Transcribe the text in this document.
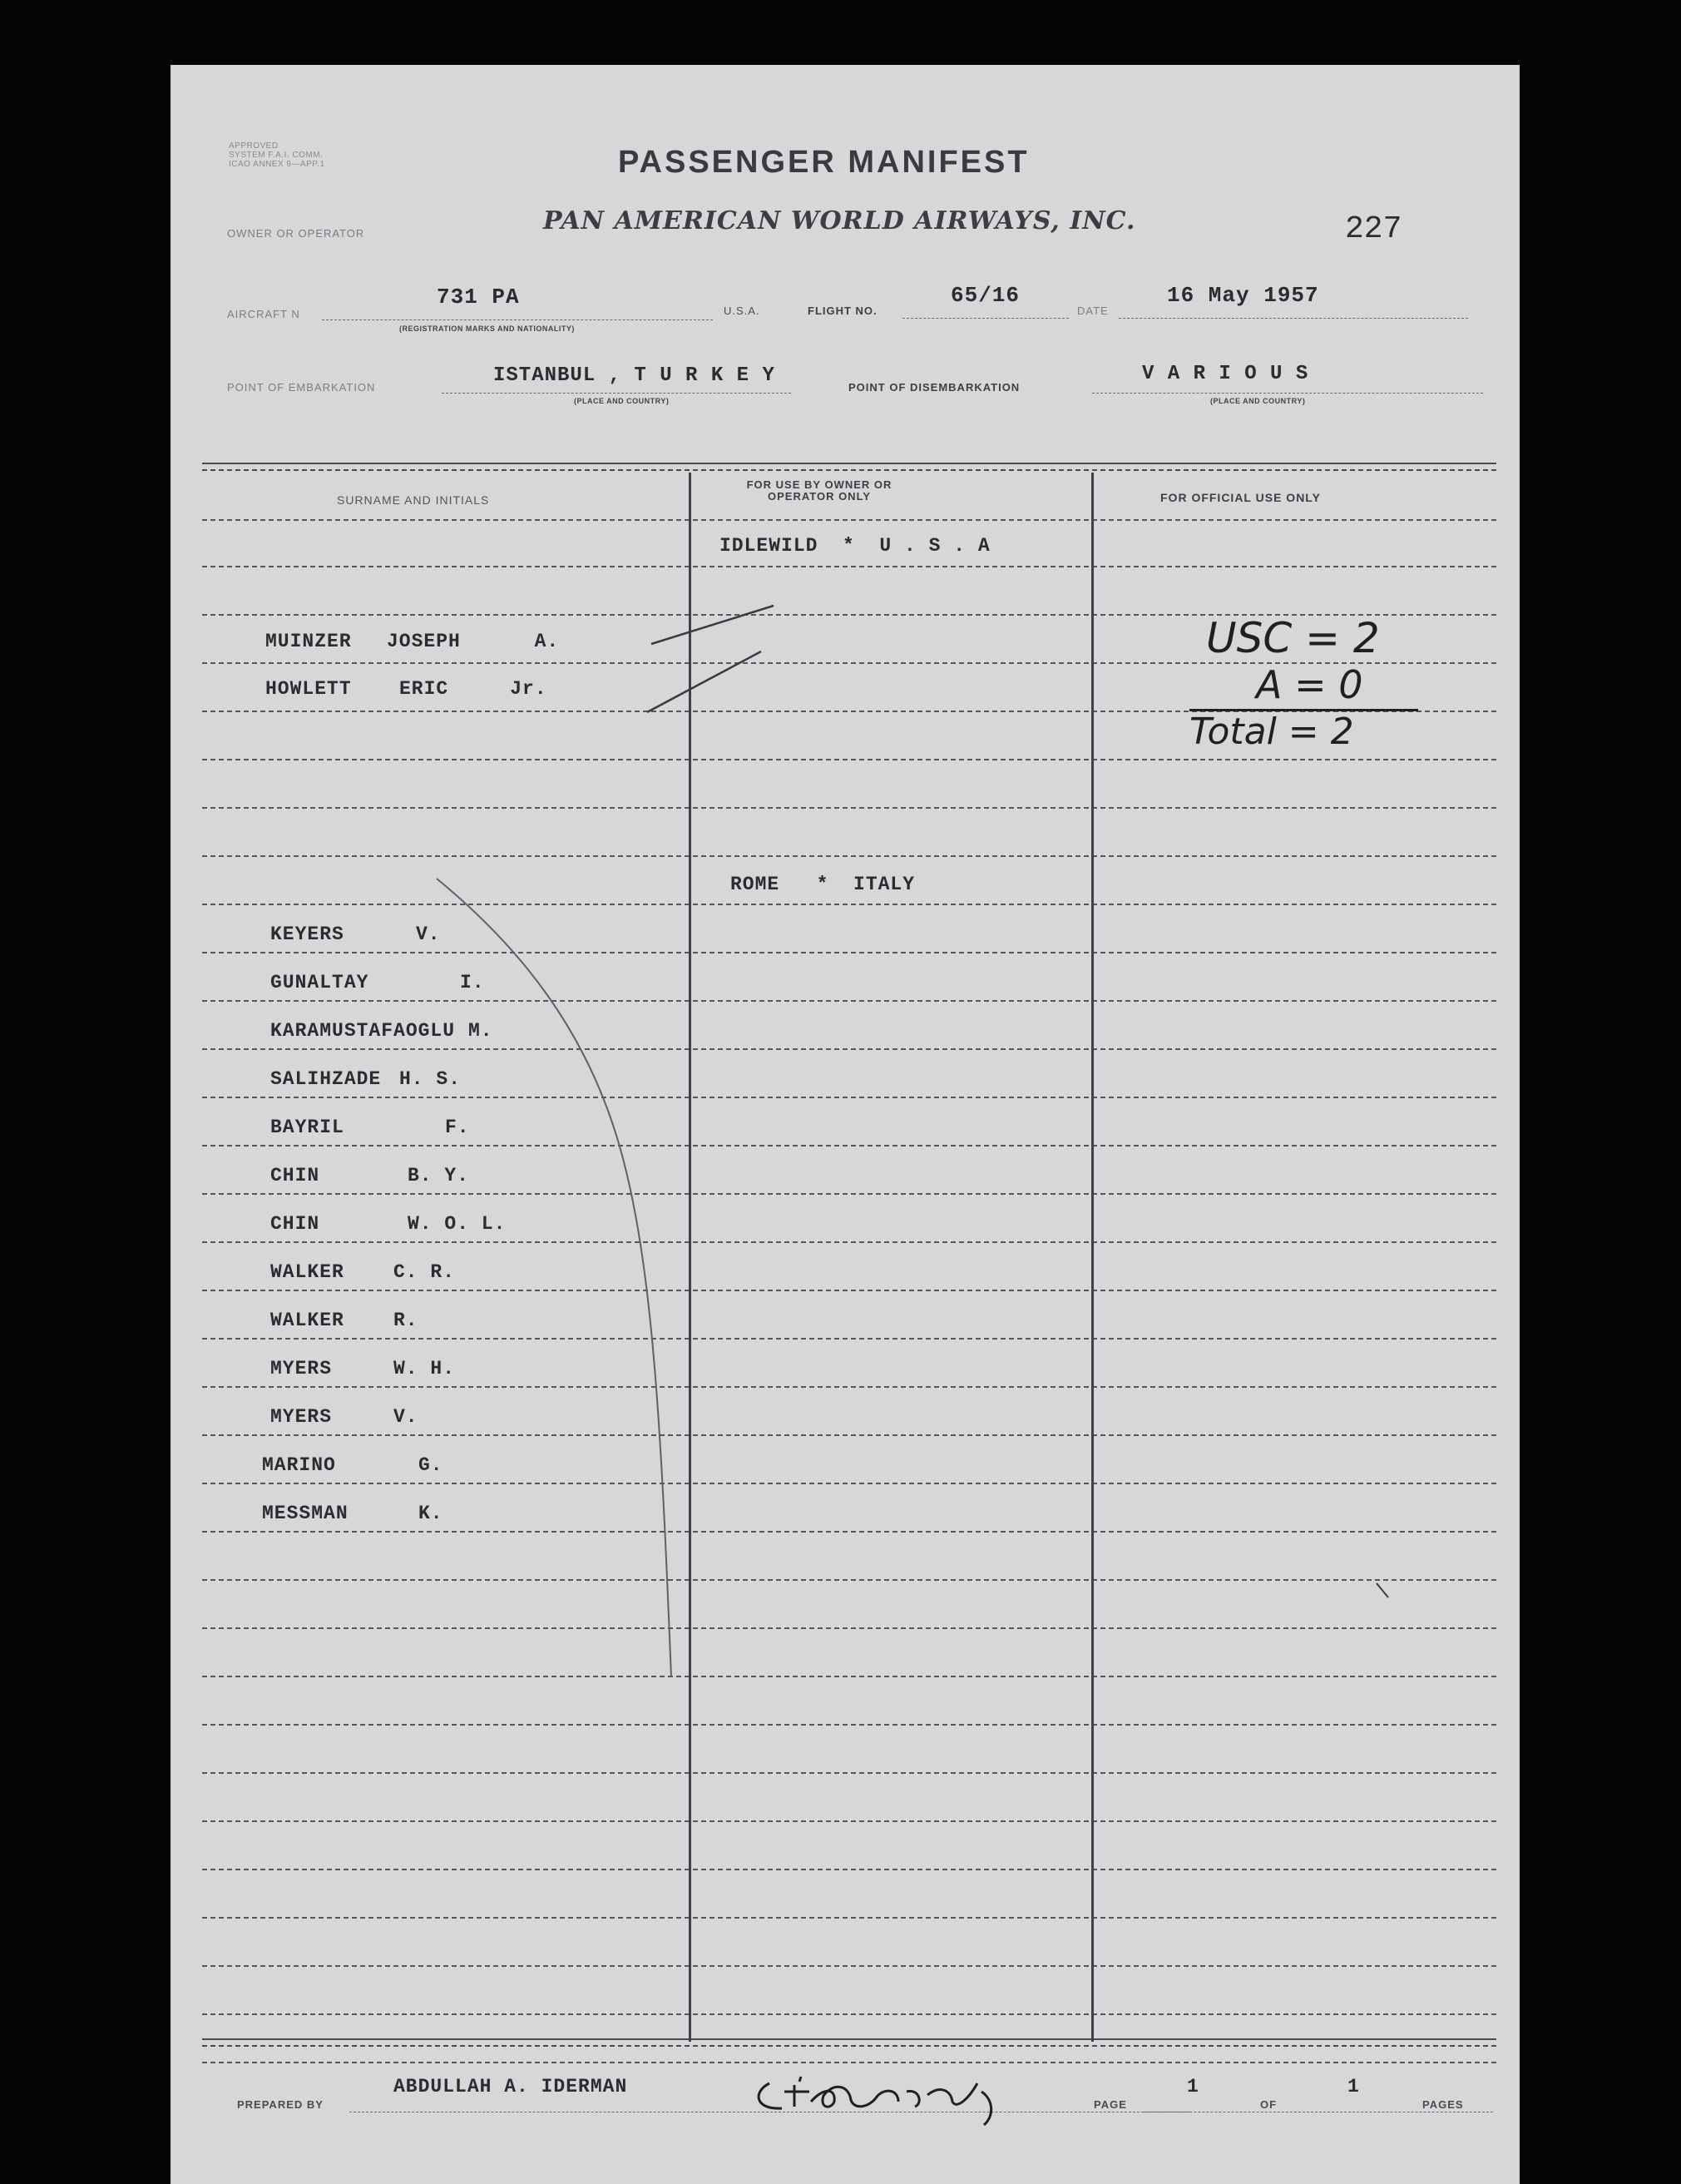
APPROVED
SYSTEM F.A.I. COMM.
ICAO ANNEX 9—APP.1	PASSENGER MANIFEST
OWNER OR OPERATOR	PAN AMERICAN WORLD AIRWAYS, INC.	227
AIRCRAFT N
731 PA
(REGISTRATION MARKS AND NATIONALITY)
U.S.A.	FLIGHT NO.
65/16
DATE
16 May 1957
POINT OF EMBARKATION
ISTANBUL , T U R K E Y
(PLACE AND COUNTRY)
POINT OF DISEMBARKATION
V A R I O U S
(PLACE AND COUNTRY)
SURNAME AND INITIALS
FOR USE BY OWNER OR OPERATOR ONLY	FOR OFFICIAL USE ONLY
IDLEWILD  *  U . S . A
ROME   *  ITALY
MUINZER JOSEPH      A.
HOWLETT ERIC     Jr.
KEYERS	V.
GUNALTAY	I.
KARAMUSTAFAOGLU M.
SALIHZADE H. S.
BAYRIL	F.
CHIN	B. Y.
CHIN	W. O. L.
WALKER	C. R.
WALKER	R.
MYERS	W. H.
MYERS	V.
MARINO	G.
MESSMAN	K.
USC = 2
A = 0
Total = 2
PREPARED BY
ABDULLAH A. IDERMAN
PAGE
1
OF
1
PAGES
